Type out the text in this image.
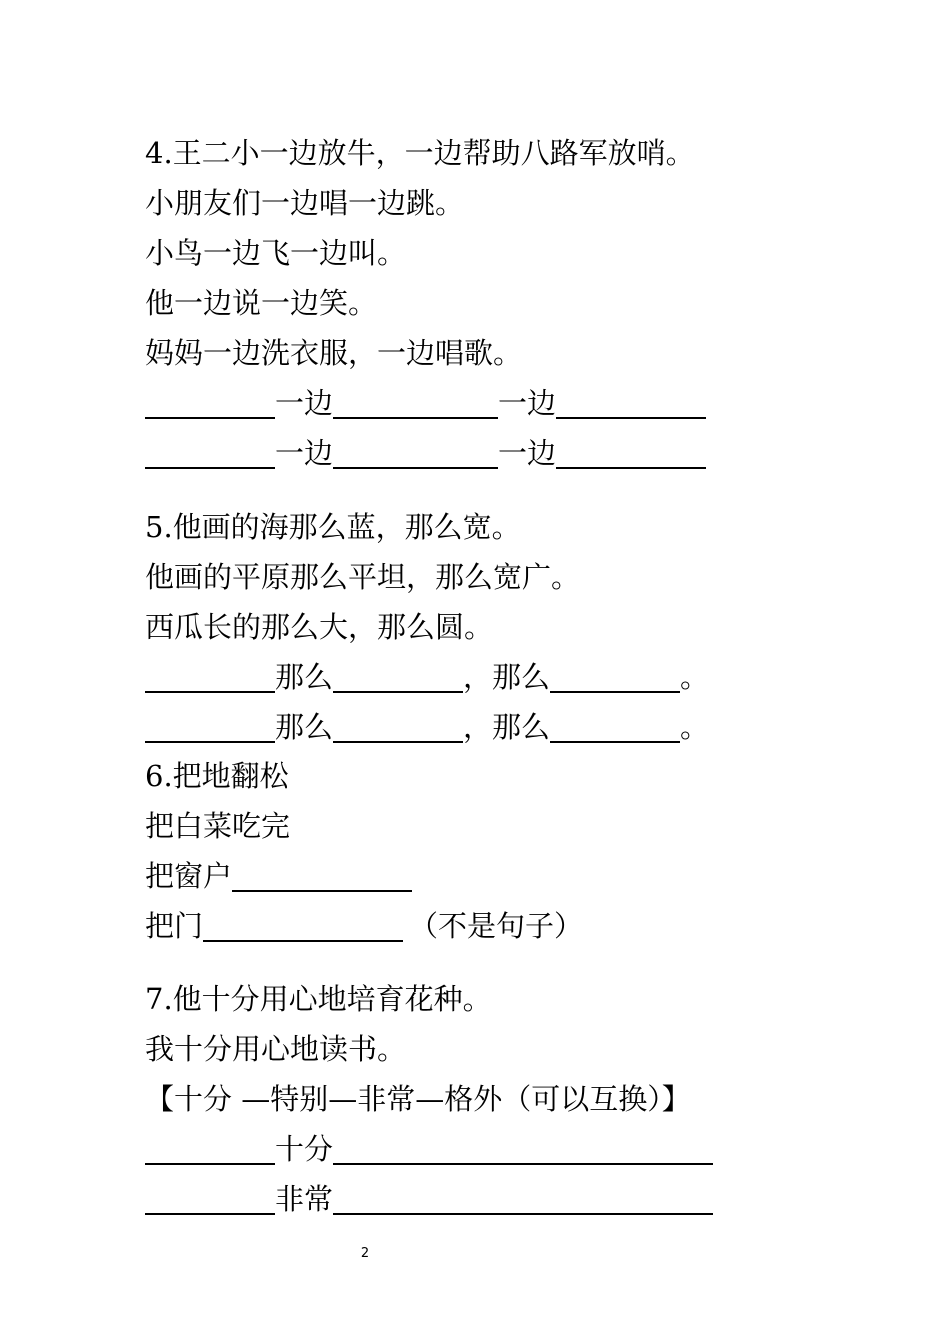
4.王二小一边放牛，一边帮助八路军放哨。
小朋友们一边唱一边跳。
小鸟一边飞一边叫。
他一边说一边笑。
妈妈一边洗衣服，一边唱歌。
一边	一边
一边	一边
5.他画的海那么蓝，那么宽。
他画的平原那么平坦，那么宽广。
西瓜长的那么大，那么圆。
那么	，那么	。
那么	，那么	。
6.把地翻松
把白菜吃完
把窗户
把门	（不是句子）
7.他十分用心地培育花种。
我十分用心地读书。
【十分 —特别—非常—格外（可以互换）】
十分
非常
2
